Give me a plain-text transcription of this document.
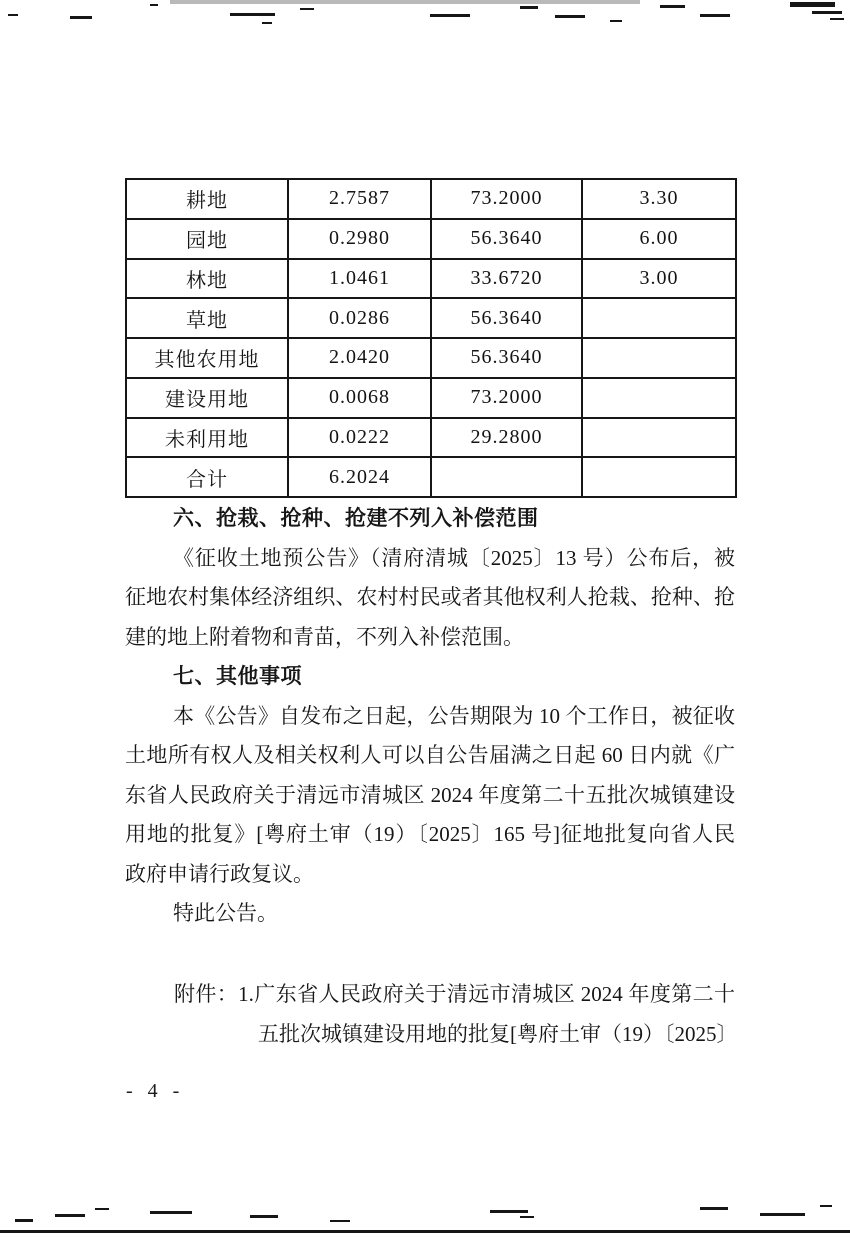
耕地	2.7587	73.2000	3.30
园地	0.2980	56.3640	6.00
林地	1.0461	33.6720	3.00
草地	0.0286	56.3640	
其他农用地	2.0420	56.3640	
建设用地	0.0068	73.2000	
未利用地	0.0222	29.2800	
合计	6.2024		
六、抢栽、抢种、抢建不列入补偿范围
《征收土地预公告》（清府清城〔2025〕13 号）公布后，被
征地农村集体经济组织、农村村民或者其他权利人抢栽、抢种、抢
建的地上附着物和青苗，不列入补偿范围。
七、其他事项
本《公告》自发布之日起，公告期限为 10 个工作日，被征收
土地所有权人及相关权利人可以自公告届满之日起 60 日内就《广
东省人民政府关于清远市清城区 2024 年度第二十五批次城镇建设
用地的批复》[粤府土审（19）〔2025〕165 号]征地批复向省人民
政府申请行政复议。
特此公告。
附件：1.广东省人民政府关于清远市清城区 2024 年度第二十
五批次城镇建设用地的批复[粤府土审（19）〔2025〕
- 4 -
